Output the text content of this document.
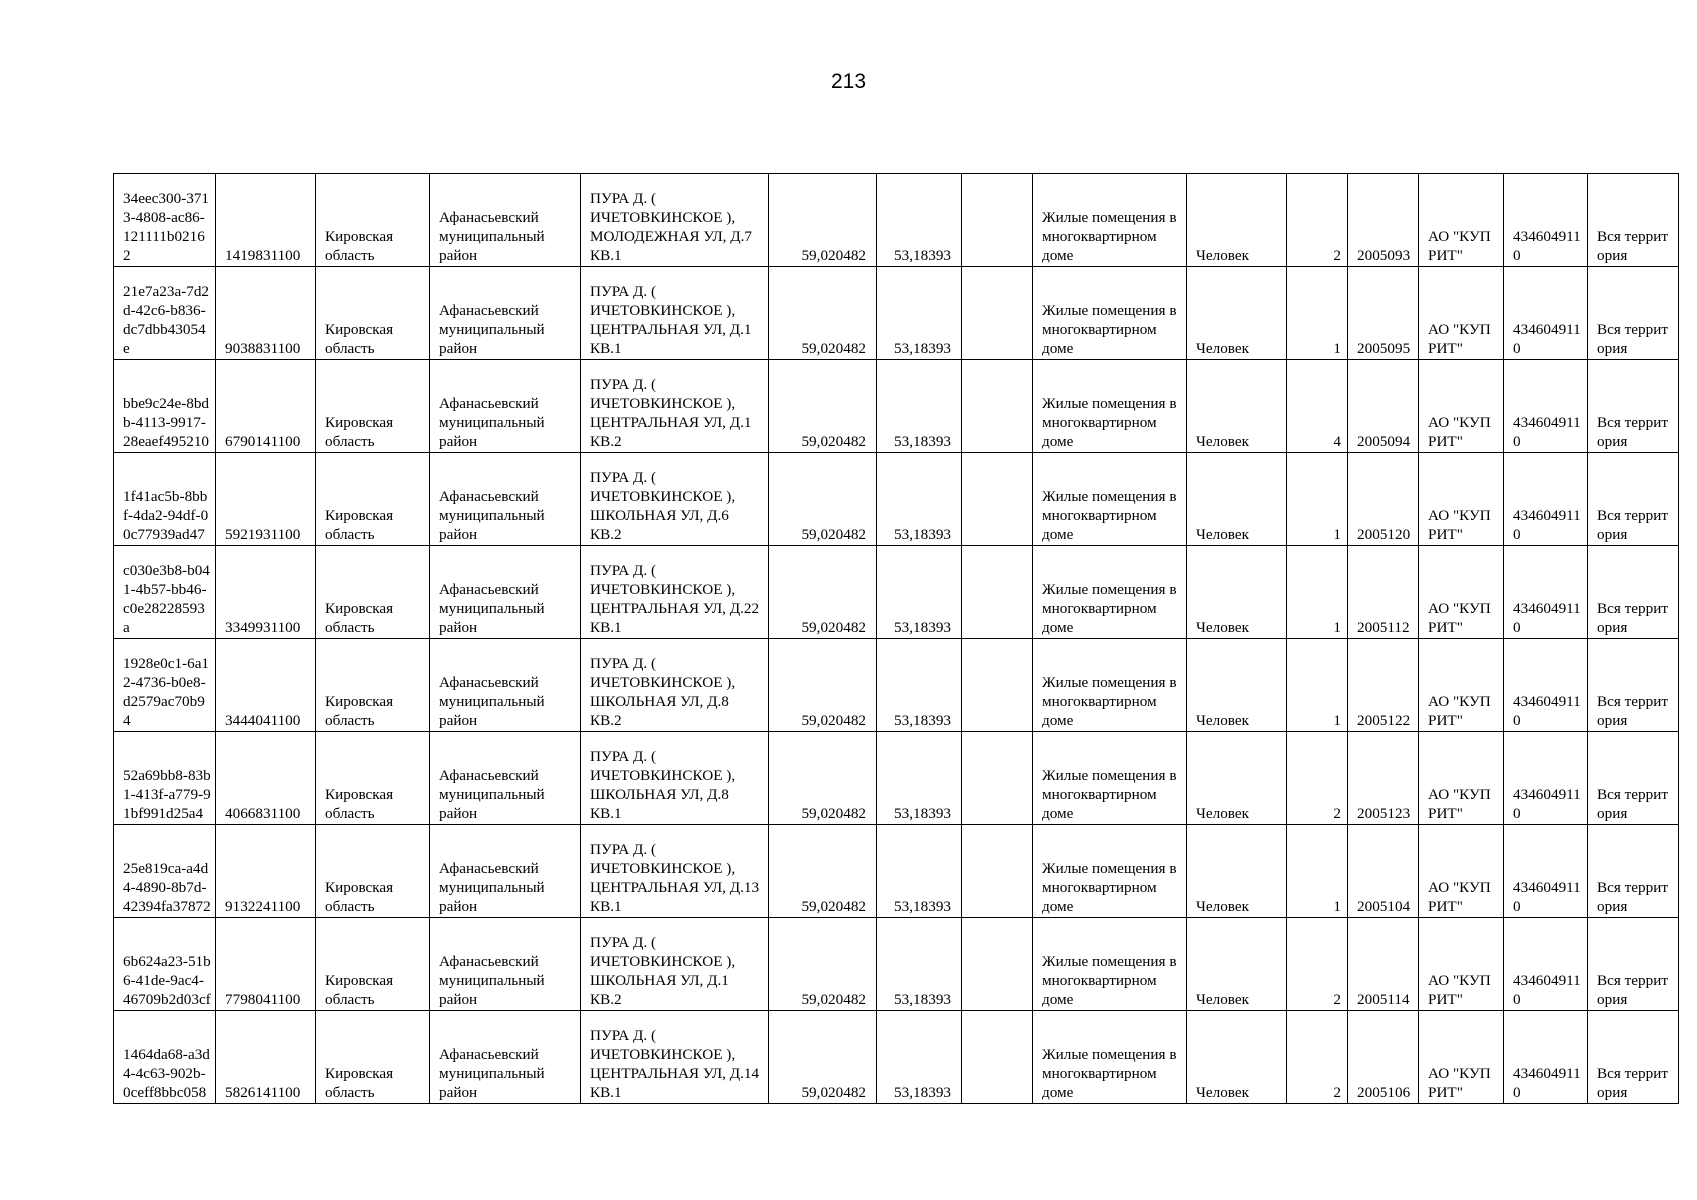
213
34eec300-3713-4808-ac86-121111b02162	1419831100	Кировская область	Афанасьевский муниципальный район	ПУРА Д. ( ИЧЕТОВКИНСКОЕ ), МОЛОДЕЖНАЯ УЛ, Д.7 КВ.1	59,020482	53,18393		Жилые помещения в многоквартирном доме	Человек	2	2005093	АО "КУПРИТ"	4346049110	Вся территория
21e7a23a-7d2d-42c6-b836-dc7dbb43054e	9038831100	Кировская область	Афанасьевский муниципальный район	ПУРА Д. ( ИЧЕТОВКИНСКОЕ ), ЦЕНТРАЛЬНАЯ УЛ, Д.1 КВ.1	59,020482	53,18393		Жилые помещения в многоквартирном доме	Человек	1	2005095	АО "КУПРИТ"	4346049110	Вся территория
bbe9c24e-8bdb-4113-9917-28eaef495210	6790141100	Кировская область	Афанасьевский муниципальный район	ПУРА Д. ( ИЧЕТОВКИНСКОЕ ), ЦЕНТРАЛЬНАЯ УЛ, Д.1 КВ.2	59,020482	53,18393		Жилые помещения в многоквартирном доме	Человек	4	2005094	АО "КУПРИТ"	4346049110	Вся территория
1f41ac5b-8bbf-4da2-94df-00c77939ad47	5921931100	Кировская область	Афанасьевский муниципальный район	ПУРА Д. ( ИЧЕТОВКИНСКОЕ ), ШКОЛЬНАЯ УЛ, Д.6 КВ.2	59,020482	53,18393		Жилые помещения в многоквартирном доме	Человек	1	2005120	АО "КУПРИТ"	4346049110	Вся территория
c030e3b8-b041-4b57-bb46-c0e28228593a	3349931100	Кировская область	Афанасьевский муниципальный район	ПУРА Д. ( ИЧЕТОВКИНСКОЕ ), ЦЕНТРАЛЬНАЯ УЛ, Д.22 КВ.1	59,020482	53,18393		Жилые помещения в многоквартирном доме	Человек	1	2005112	АО "КУПРИТ"	4346049110	Вся территория
1928e0c1-6a12-4736-b0e8-d2579ac70b94	3444041100	Кировская область	Афанасьевский муниципальный район	ПУРА Д. ( ИЧЕТОВКИНСКОЕ ), ШКОЛЬНАЯ УЛ, Д.8 КВ.2	59,020482	53,18393		Жилые помещения в многоквартирном доме	Человек	1	2005122	АО "КУПРИТ"	4346049110	Вся территория
52a69bb8-83b1-413f-a779-91bf991d25a4	4066831100	Кировская область	Афанасьевский муниципальный район	ПУРА Д. ( ИЧЕТОВКИНСКОЕ ), ШКОЛЬНАЯ УЛ, Д.8 КВ.1	59,020482	53,18393		Жилые помещения в многоквартирном доме	Человек	2	2005123	АО "КУПРИТ"	4346049110	Вся территория
25e819ca-a4d4-4890-8b7d-42394fa37872	9132241100	Кировская область	Афанасьевский муниципальный район	ПУРА Д. ( ИЧЕТОВКИНСКОЕ ), ЦЕНТРАЛЬНАЯ УЛ, Д.13 КВ.1	59,020482	53,18393		Жилые помещения в многоквартирном доме	Человек	1	2005104	АО "КУПРИТ"	4346049110	Вся территория
6b624a23-51b6-41de-9ac4-46709b2d03cf	7798041100	Кировская область	Афанасьевский муниципальный район	ПУРА Д. ( ИЧЕТОВКИНСКОЕ ), ШКОЛЬНАЯ УЛ, Д.1 КВ.2	59,020482	53,18393		Жилые помещения в многоквартирном доме	Человек	2	2005114	АО "КУПРИТ"	4346049110	Вся территория
1464da68-a3d4-4c63-902b-0ceff8bbc058	5826141100	Кировская область	Афанасьевский муниципальный район	ПУРА Д. ( ИЧЕТОВКИНСКОЕ ), ЦЕНТРАЛЬНАЯ УЛ, Д.14 КВ.1	59,020482	53,18393		Жилые помещения в многоквартирном доме	Человек	2	2005106	АО "КУПРИТ"	4346049110	Вся территория
